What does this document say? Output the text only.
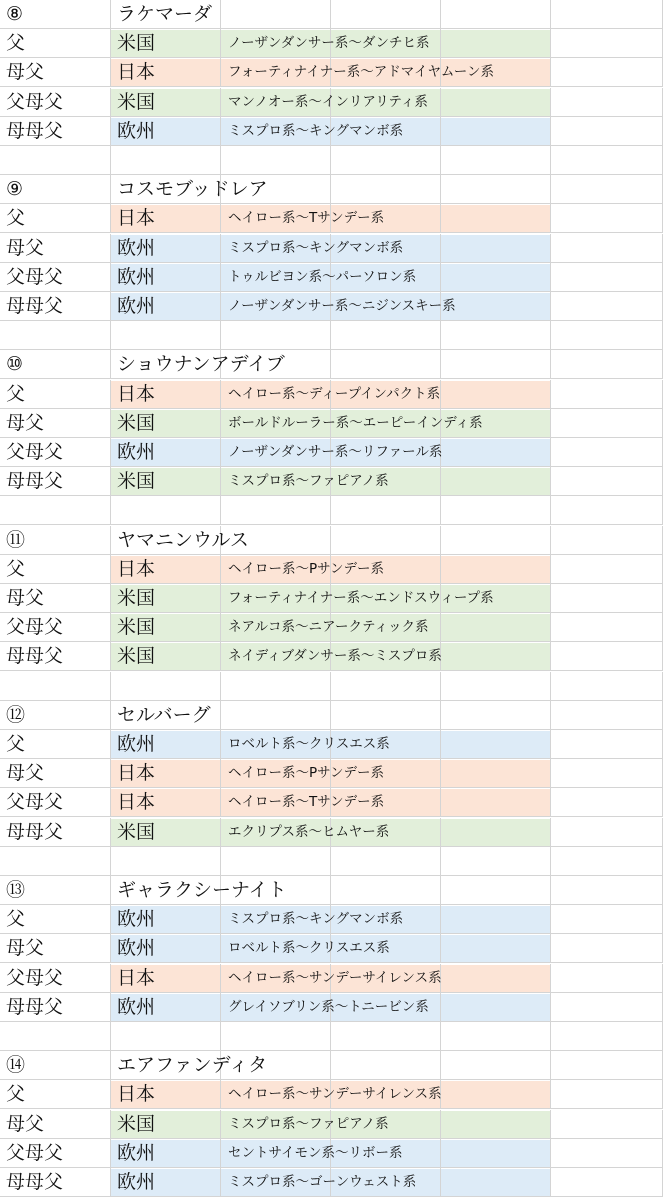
⑧	ラケマーダ
父	米国	ノーザンダンサー系～ダンチヒ系
母父	日本	フォーティナイナー系～アドマイヤムーン系
父母父	米国	マンノオー系～インリアリティ系
母母父	欧州	ミスプロ系～キングマンボ系
⑨	コスモブッドレア
父	日本	ヘイロー系～Tサンデー系
母父	欧州	ミスプロ系～キングマンボ系
父母父	欧州	トゥルビヨン系～パーソロン系
母母父	欧州	ノーザンダンサー系～ニジンスキー系
⑩	ショウナンアデイブ
父	日本	ヘイロー系～ディープインパクト系
母父	米国	ボールドルーラー系～エーピーインディ系
父母父	欧州	ノーザンダンサー系～リファール系
母母父	米国	ミスプロ系～ファピアノ系
⑪	ヤマニンウルス
父	日本	ヘイロー系～Pサンデー系
母父	米国	フォーティナイナー系～エンドスウィープ系
父母父	米国	ネアルコ系～ニアークティック系
母母父	米国	ネイディブダンサー系～ミスプロ系
⑫	セルバーグ
父	欧州	ロベルト系～クリスエス系
母父	日本	ヘイロー系～Pサンデー系
父母父	日本	ヘイロー系～Tサンデー系
母母父	米国	エクリプス系～ヒムヤー系
⑬	ギャラクシーナイト
父	欧州	ミスプロ系～キングマンボ系
母父	欧州	ロベルト系～クリスエス系
父母父	日本	ヘイロー系～サンデーサイレンス系
母母父	欧州	グレイソブリン系～トニービン系
⑭	エアファンディタ
父	日本	ヘイロー系～サンデーサイレンス系
母父	米国	ミスプロ系～ファピアノ系
父母父	欧州	セントサイモン系～リボー系
母母父	欧州	ミスプロ系～ゴーンウェスト系
